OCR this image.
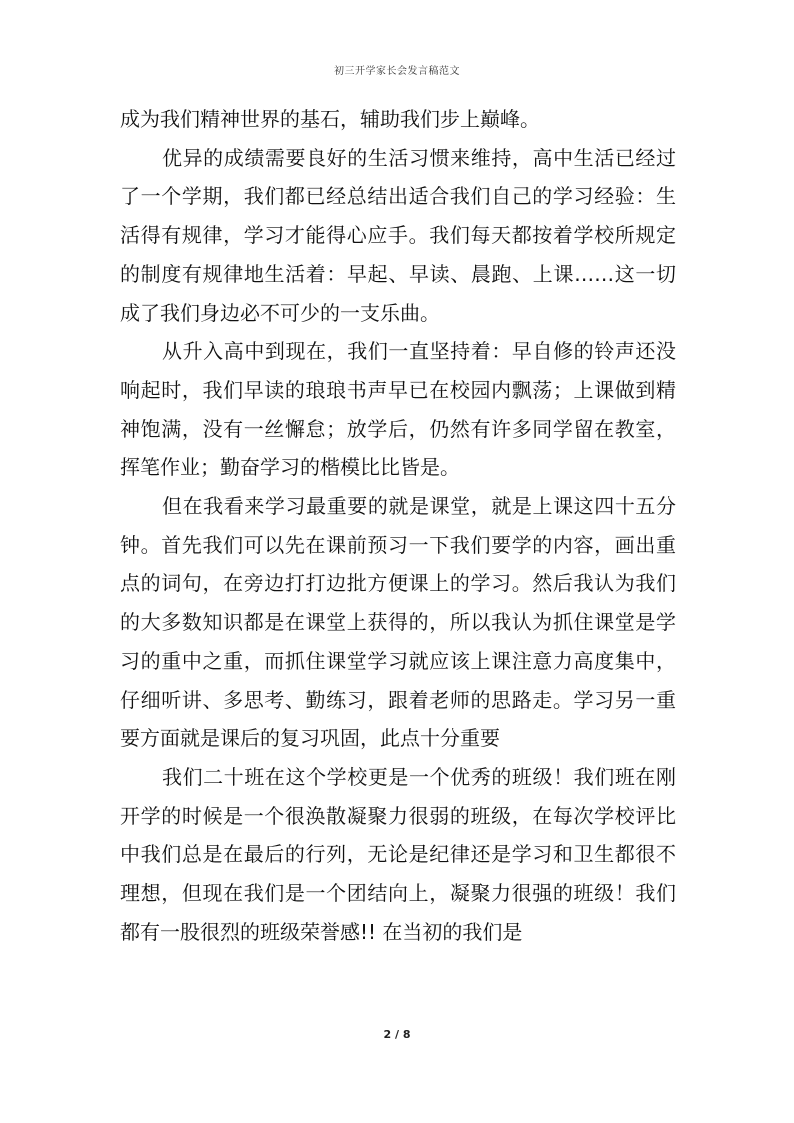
初三开学家长会发言稿范文

成为我们精神世界的基石，辅助我们步上巅峰。

优异的成绩需要良好的生活习惯来维持，高中生活已经过了一个学期，我们都已经总结出适合我们自己的学习经验：生活得有规律，学习才能得心应手。我们每天都按着学校所规定的制度有规律地生活着：早起、早读、晨跑、上课……这一切成了我们身边必不可少的一支乐曲。

从升入高中到现在，我们一直坚持着：早自修的铃声还没响起时，我们早读的琅琅书声早已在校园内飘荡；上课做到精神饱满，没有一丝懈怠；放学后，仍然有许多同学留在教室，挥笔作业；勤奋学习的楷模比比皆是。

但在我看来学习最重要的就是课堂，就是上课这四十五分钟。首先我们可以先在课前预习一下我们要学的内容，画出重点的词句，在旁边打打边批方便课上的学习。然后我认为我们的大多数知识都是在课堂上获得的，所以我认为抓住课堂是学习的重中之重，而抓住课堂学习就应该上课注意力高度集中，仔细听讲、多思考、勤练习，跟着老师的思路走。学习另一重要方面就是课后的复习巩固，此点十分重要

我们二十班在这个学校更是一个优秀的班级！我们班在刚开学的时候是一个很涣散凝聚力很弱的班级，在每次学校评比中我们总是在最后的行列，无论是纪律还是学习和卫生都很不理想，但现在我们是一个团结向上，凝聚力很强的班级！我们都有一股很烈的班级荣誉感!! 在当初的我们是

2 / 8
